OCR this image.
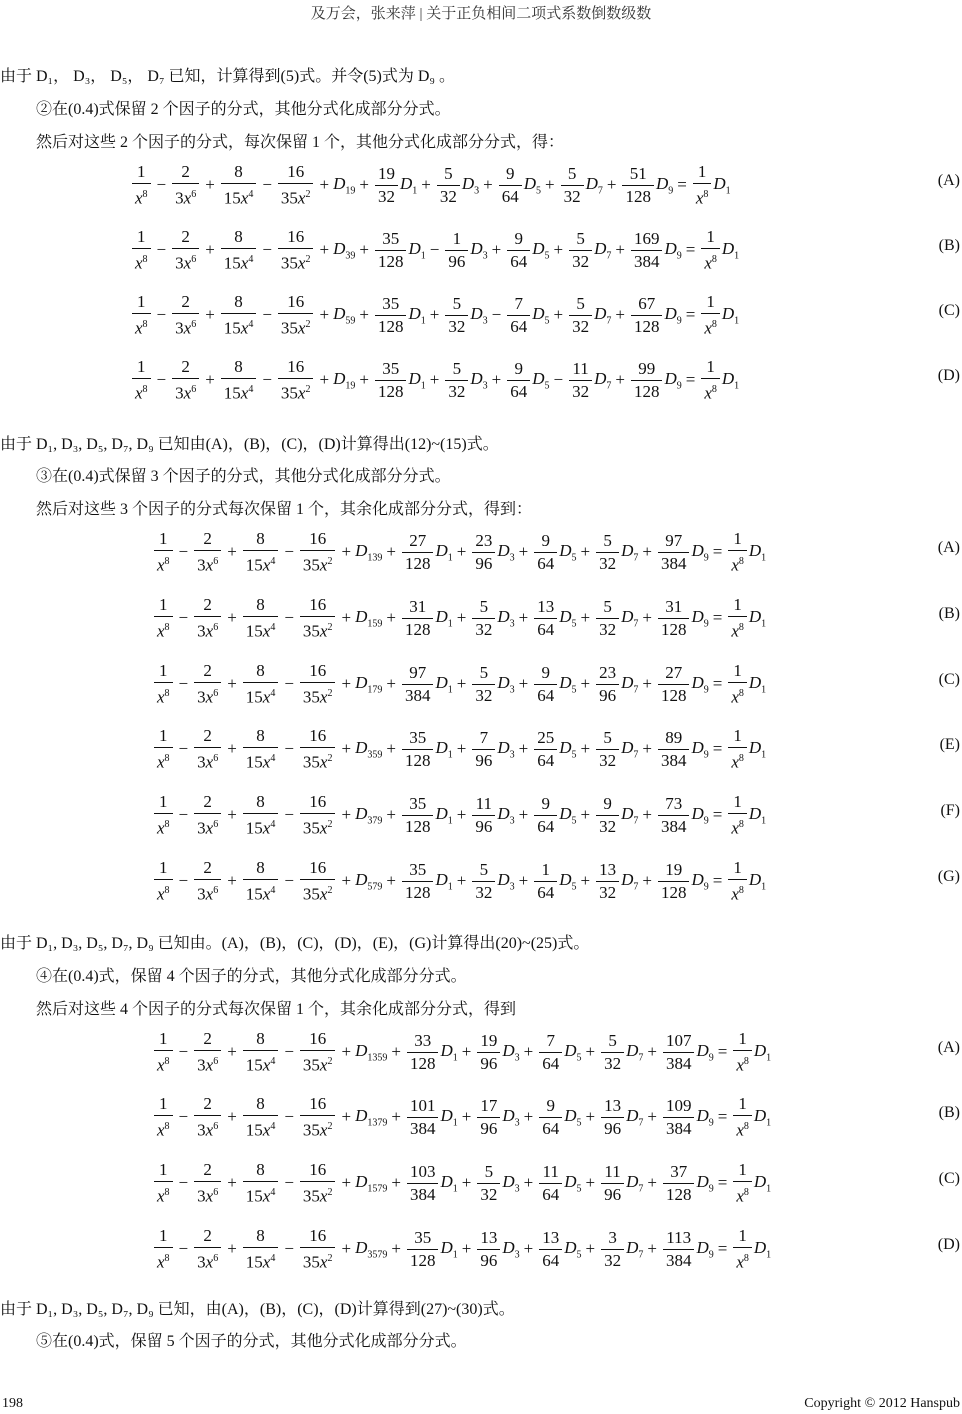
及万会，张来萍 | 关于正负相间二项式系数倒数级数
由于 D₁， D₃， D₅， D₇ 已知，计算得到(5)式。并令(5)式为 D₉ 。
②在(0.4)式保留 2 个因子的分式，其他分式化成部分分式。
然后对这些 2 个因子的分式，每次保留 1 个，其他分式化成部分分式，得：
1
$x^8$
− $\frac{2}{3x^6} + \frac{8}{15x^4} - \frac{16}{35x^2} + D_{19} + \frac{19}{32} D_1 + \frac{5}{32} D_3 + \frac{9}{64} D_5 + \frac{5}{32} D_7 + \frac{51}{128} D_9 = \frac{1}{x^8} D_1$
(A)
1
$x^8$
− $\frac{2}{3x^6} + \frac{8}{15x^4} - \frac{16}{35x^2} + D_{39} + \frac{35}{128} D_1 - \frac{1}{96} D_3 + \frac{9}{64} D_5 + \frac{5}{32} D_7 + \frac{169}{384} D_9 = \frac{1}{x^8} D_1$
(B)
1
$x^8$
− $\frac{2}{3x^6} + \frac{8}{15x^4} - \frac{16}{35x^2} + D_{59} + \frac{35}{128} D_1 + \frac{5}{32} D_3 - \frac{7}{64} D_5 + \frac{5}{32} D_7 + \frac{67}{128} D_9 = \frac{1}{x^8} D_1$
(C)
1
$x^8$
− $\frac{2}{3x^6} + \frac{8}{15x^4} - \frac{16}{35x^2} + D_{19} + \frac{35}{128} D_1 + \frac{5}{32} D_3 + \frac{9}{64} D_5 - \frac{11}{32} D_7 + \frac{99}{128} D_9 = \frac{1}{x^8} D_1$
(D)
由于 D₁, D₃, D₅, D₇, D₉ 已知由(A)，(B)，(C)，(D)计算得出(12)~(15)式。
③在(0.4)式保留 3 个因子的分式，其他分式化成部分分式。
然后对这些 3 个因子的分式每次保留 1 个，其余化成部分分式，得到：
1
$x^8$
− $\frac{2}{3x^6} + \frac{8}{15x^4} - \frac{16}{35x^2} + D_{139} + \frac{27}{128} D_1 + \frac{23}{96} D_3 + \frac{9}{64} D_5 + \frac{5}{32} D_7 + \frac{97}{384} D_9 = \frac{1}{x^8} D_1$
(A)
1
$x^8$
− $\frac{2}{3x^6} + \frac{8}{15x^4} - \frac{16}{35x^2} + D_{159} + \frac{31}{128} D_1 + \frac{5}{32} D_3 + \frac{13}{64} D_5 + \frac{5}{32} D_7 + \frac{31}{128} D_9 = \frac{1}{x^8} D_1$
(B)
1
$x^8$
− $\frac{2}{3x^6} + \frac{8}{15x^4} - \frac{16}{35x^2} + D_{179} + \frac{97}{384} D_1 + \frac{5}{32} D_3 + \frac{9}{64} D_5 + \frac{23}{96} D_7 + \frac{27}{128} D_9 = \frac{1}{x^8} D_1$
(C)
1
$x^8$
− $\frac{2}{3x^6} + \frac{8}{15x^4} - \frac{16}{35x^2} + D_{359} + \frac{35}{128} D_1 + \frac{7}{96} D_3 + \frac{25}{64} D_5 + \frac{5}{32} D_7 + \frac{89}{384} D_9 = \frac{1}{x^8} D_1$
(E)
1
$x^8$
− $\frac{2}{3x^6} + \frac{8}{15x^4} - \frac{16}{35x^2} + D_{379} + \frac{35}{128} D_1 + \frac{11}{96} D_3 + \frac{9}{64} D_5 + \frac{9}{32} D_7 + \frac{73}{384} D_9 = \frac{1}{x^8} D_1$
(F)
1
$x^8$
− $\frac{2}{3x^6} + \frac{8}{15x^4} - \frac{16}{35x^2} + D_{579} + \frac{35}{128} D_1 + \frac{5}{32} D_3 + \frac{1}{64} D_5 + \frac{13}{32} D_7 + \frac{19}{128} D_9 = \frac{1}{x^8} D_1$
(G)
由于 D₁, D₃, D₅, D₇, D₉ 已知由。(A)，(B)，(C)，(D)，(E)，(G)计算得出(20)~(25)式。
④在(0.4)式，保留 4 个因子的分式，其他分式化成部分分式。
然后对这些 4 个因子的分式每次保留 1 个，其余化成部分分式，得到
1
$x^8$
− $\frac{2}{3x^6} + \frac{8}{15x^4} - \frac{16}{35x^2} + D_{1359} + \frac{33}{128} D_1 + \frac{19}{96} D_3 + \frac{7}{64} D_5 + \frac{5}{32} D_7 + \frac{107}{384} D_9 = \frac{1}{x^8} D_1$
(A)
1
$x^8$
− $\frac{2}{3x^6} + \frac{8}{15x^4} - \frac{16}{35x^2} + D_{1379} + \frac{101}{384} D_1 + \frac{17}{96} D_3 + \frac{9}{64} D_5 + \frac{13}{96} D_7 + \frac{109}{384} D_9 = \frac{1}{x^8} D_1$
(B)
1
$x^8$
− $\frac{2}{3x^6} + \frac{8}{15x^4} - \frac{16}{35x^2} + D_{1579} + \frac{103}{384} D_1 + \frac{5}{32} D_3 + \frac{11}{64} D_5 + \frac{11}{96} D_7 + \frac{37}{128} D_9 = \frac{1}{x^8} D_1$
(C)
1
$x^8$
− $\frac{2}{3x^6} + \frac{8}{15x^4} - \frac{16}{35x^2} + D_{3579} + \frac{35}{128} D_1 + \frac{13}{96} D_3 + \frac{13}{64} D_5 + \frac{3}{32} D_7 + \frac{113}{384} D_9 = \frac{1}{x^8} D_1$
(D)
由于 D₁, D₃, D₅, D₇, D₉ 已知，由(A)，(B)，(C)，(D)计算得到(27)~(30)式。
⑤在(0.4)式，保留 5 个因子的分式，其他分式化成部分分式。
198	Copyright © 2012 Hanspub
